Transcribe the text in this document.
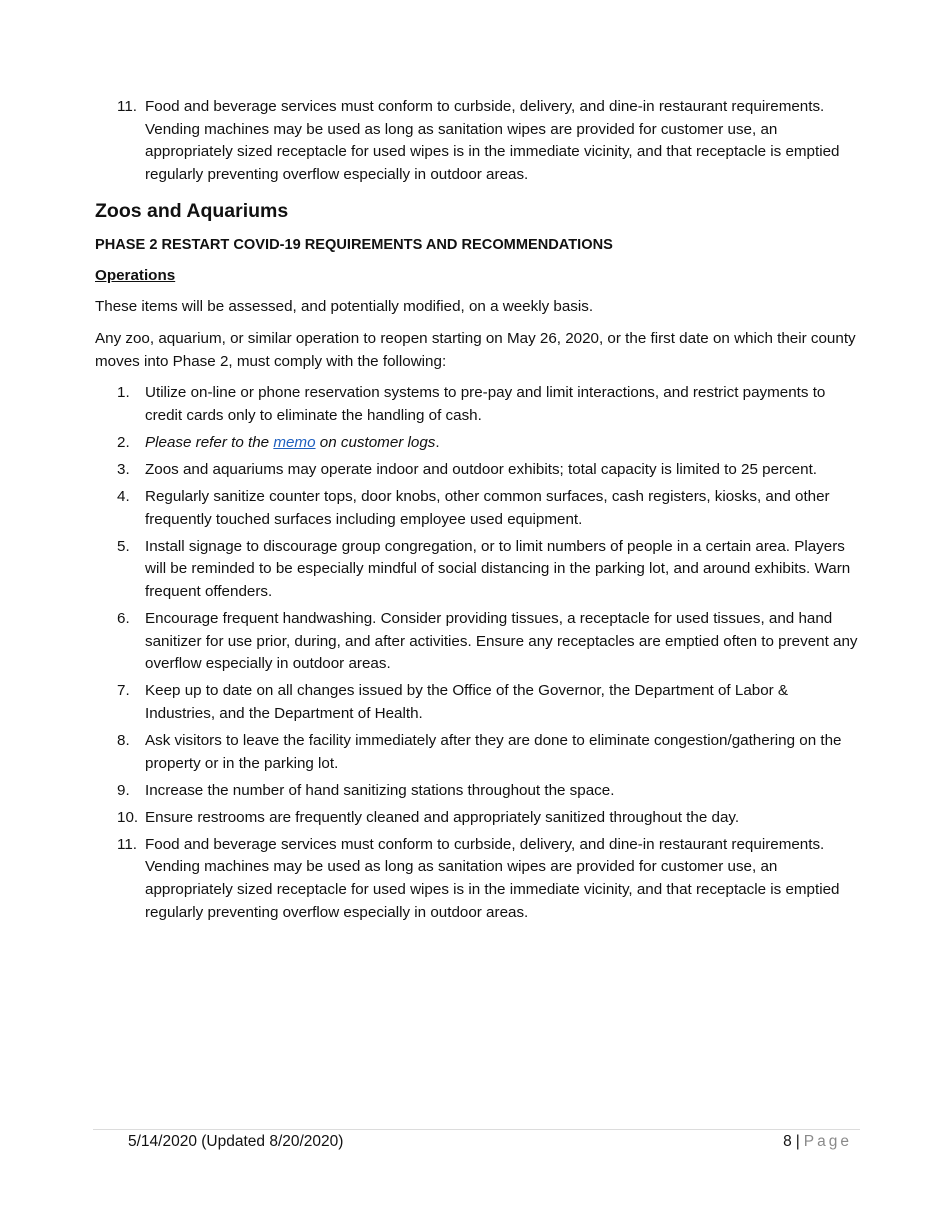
11. Food and beverage services must conform to curbside, delivery, and dine-in restaurant requirements. Vending machines may be used as long as sanitation wipes are provided for customer use, an appropriately sized receptacle for used wipes is in the immediate vicinity, and that receptacle is emptied regularly preventing overflow especially in outdoor areas.
Zoos and Aquariums
PHASE 2 RESTART COVID-19 REQUIREMENTS AND RECOMMENDATIONS
Operations

These items will be assessed, and potentially modified, on a weekly basis.

Any zoo, aquarium, or similar operation to reopen starting on May 26, 2020, or the first date on which their county moves into Phase 2, must comply with the following:

1. Utilize on-line or phone reservation systems to pre-pay and limit interactions, and restrict payments to credit cards only to eliminate the handling of cash.
2. Please refer to the memo on customer logs.
3. Zoos and aquariums may operate indoor and outdoor exhibits; total capacity is limited to 25 percent.
4. Regularly sanitize counter tops, door knobs, other common surfaces, cash registers, kiosks, and other frequently touched surfaces including employee used equipment.
5. Install signage to discourage group congregation, or to limit numbers of people in a certain area. Players will be reminded to be especially mindful of social distancing in the parking lot, and around exhibits. Warn frequent offenders.
6. Encourage frequent handwashing. Consider providing tissues, a receptacle for used tissues, and hand sanitizer for use prior, during, and after activities. Ensure any receptacles are emptied often to prevent any overflow especially in outdoor areas.
7. Keep up to date on all changes issued by the Office of the Governor, the Department of Labor & Industries, and the Department of Health.
8. Ask visitors to leave the facility immediately after they are done to eliminate congestion/gathering on the property or in the parking lot.
9. Increase the number of hand sanitizing stations throughout the space.
10. Ensure restrooms are frequently cleaned and appropriately sanitized throughout the day.
11. Food and beverage services must conform to curbside, delivery, and dine-in restaurant requirements. Vending machines may be used as long as sanitation wipes are provided for customer use, an appropriately sized receptacle for used wipes is in the immediate vicinity, and that receptacle is emptied regularly preventing overflow especially in outdoor areas.
5/14/2020 (Updated 8/20/2020)	8 | Page
